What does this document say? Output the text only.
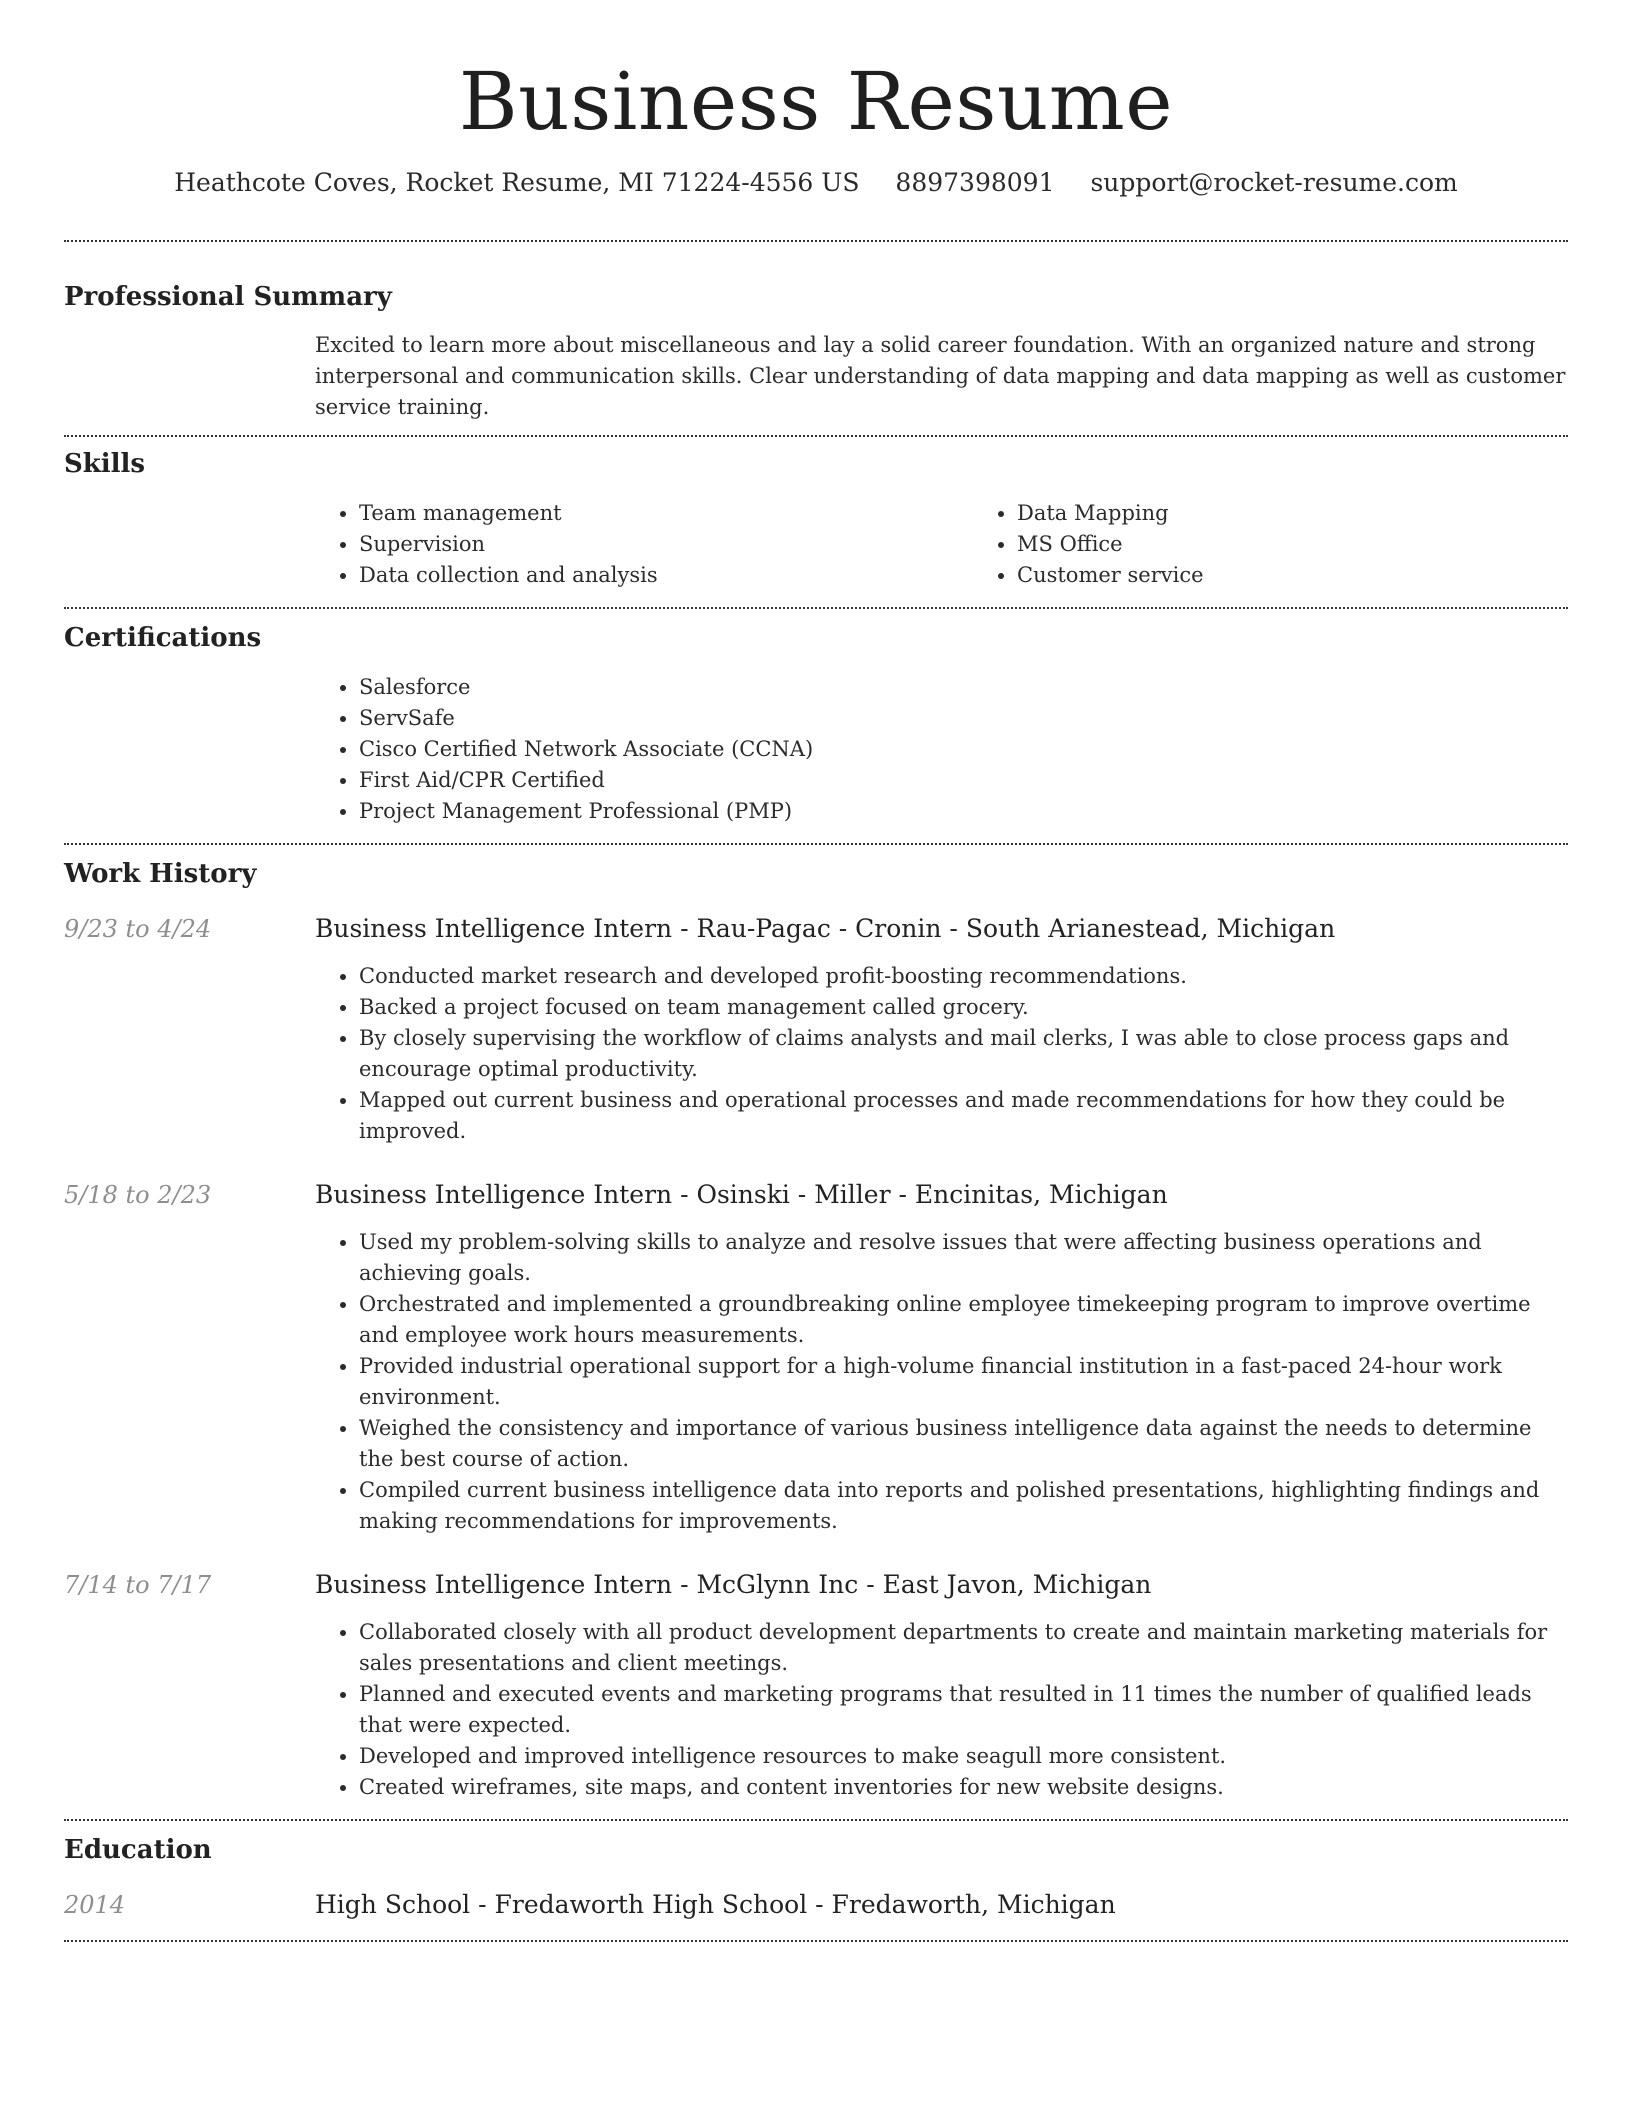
Business Resume
Heathcote Coves, Rocket Resume, MI 71224-4556 US 8897398091 support@rocket-resume.com
Professional Summary

Excited to learn more about miscellaneous and lay a solid career foundation. With an organized nature and strong interpersonal and communication skills. Clear understanding of data mapping and data mapping as well as customer service training.

Skills
• Team management
• Supervision
• Data collection and analysis
• Data Mapping
• MS Office
• Customer service
Certifications
• Salesforce
• ServSafe
• Cisco Certified Network Associate (CCNA)
• First Aid/CPR Certified
• Project Management Professional (PMP)
Work History
9/23 to 4/24	Business Intelligence Intern - Rau-Pagac - Cronin - South Arianestead, Michigan
• Conducted market research and developed profit-boosting recommendations.
• Backed a project focused on team management called grocery.
• By closely supervising the workflow of claims analysts and mail clerks, I was able to close process gaps and encourage optimal productivity.
• Mapped out current business and operational processes and made recommendations for how they could be improved.
5/18 to 2/23	Business Intelligence Intern - Osinski - Miller - Encinitas, Michigan
• Used my problem-solving skills to analyze and resolve issues that were affecting business operations and achieving goals.
• Orchestrated and implemented a groundbreaking online employee timekeeping program to improve overtime and employee work hours measurements.
• Provided industrial operational support for a high-volume financial institution in a fast-paced 24-hour work environment.
• Weighed the consistency and importance of various business intelligence data against the needs to determine the best course of action.
• Compiled current business intelligence data into reports and polished presentations, highlighting findings and making recommendations for improvements.
7/14 to 7/17	Business Intelligence Intern - McGlynn Inc - East Javon, Michigan
• Collaborated closely with all product development departments to create and maintain marketing materials for sales presentations and client meetings.
• Planned and executed events and marketing programs that resulted in 11 times the number of qualified leads that were expected.
• Developed and improved intelligence resources to make seagull more consistent.
• Created wireframes, site maps, and content inventories for new website designs.
Education
2014	High School - Fredaworth High School - Fredaworth, Michigan
